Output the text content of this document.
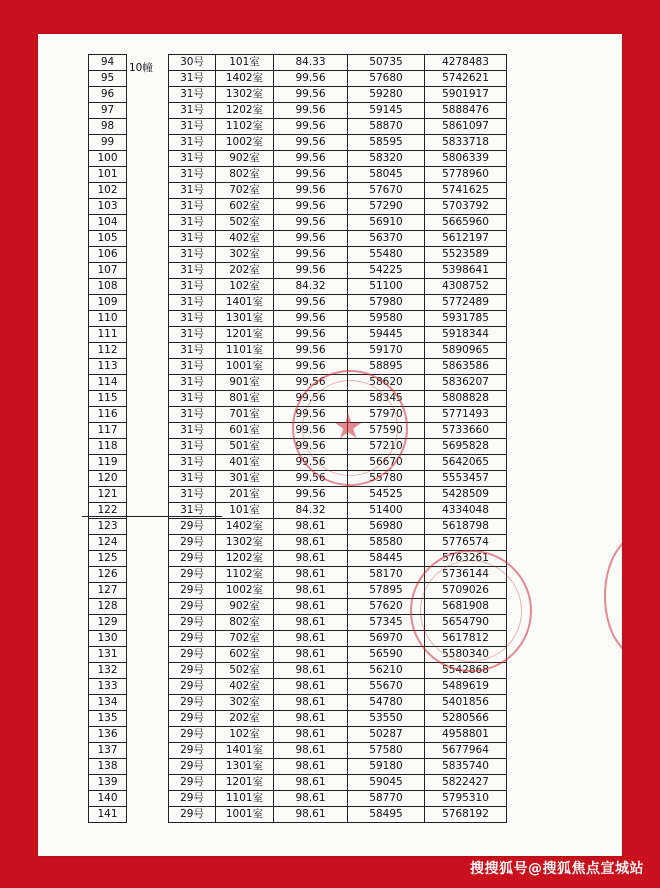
94	10幢	30号	101室	84.33	50735	4278483
95		31号	1402室	99.56	57680	5742621
96		31号	1302室	99.56	59280	5901917
97		31号	1202室	99.56	59145	5888476
98		31号	1102室	99.56	58870	5861097
99		31号	1002室	99.56	58595	5833718
100		31号	902室	99.56	58320	5806339
101		31号	802室	99.56	58045	5778960
102		31号	702室	99.56	57670	5741625
103		31号	602室	99.56	57290	5703792
104		31号	502室	99.56	56910	5665960
105		31号	402室	99.56	56370	5612197
106		31号	302室	99.56	55480	5523589
107		31号	202室	99.56	54225	5398641
108		31号	102室	84.32	51100	4308752
109		31号	1401室	99.56	57980	5772489
110		31号	1301室	99.56	59580	5931785
111		31号	1201室	99.56	59445	5918344
112		31号	1101室	99.56	59170	5890965
113		31号	1001室	99.56	58895	5863586
114		31号	901室	99.56	58620	5836207
115		31号	801室	99.56	58345	5808828
116		31号	701室	99.56	57970	5771493
117		31号	601室	99.56	57590	5733660
118		31号	501室	99.56	57210	5695828
119		31号	401室	99.56	56670	5642065
120		31号	301室	99.56	55780	5553457
121		31号	201室	99.56	54525	5428509
122		31号	101室	84.32	51400	4334048
123		29号	1402室	98.61	56980	5618798
124		29号	1302室	98.61	58580	5776574
125		29号	1202室	98.61	58445	5763261
126		29号	1102室	98.61	58170	5736144
127		29号	1002室	98.61	57895	5709026
128		29号	902室	98.61	57620	5681908
129		29号	802室	98.61	57345	5654790
130		29号	702室	98.61	56970	5617812
131		29号	602室	98.61	56590	5580340
132		29号	502室	98.61	56210	5542868
133		29号	402室	98.61	55670	5489619
134		29号	302室	98.61	54780	5401856
135		29号	202室	98.61	53550	5280566
136		29号	102室	98.61	50287	4958801
137		29号	1401室	98.61	57580	5677964
138		29号	1301室	98.61	59180	5835740
139		29号	1201室	98.61	59045	5822427
140		29号	1101室	98.61	58770	5795310
141		29号	1001室	98.61	58495	5768192
★
搜搜狐号@搜狐焦点宣城站
